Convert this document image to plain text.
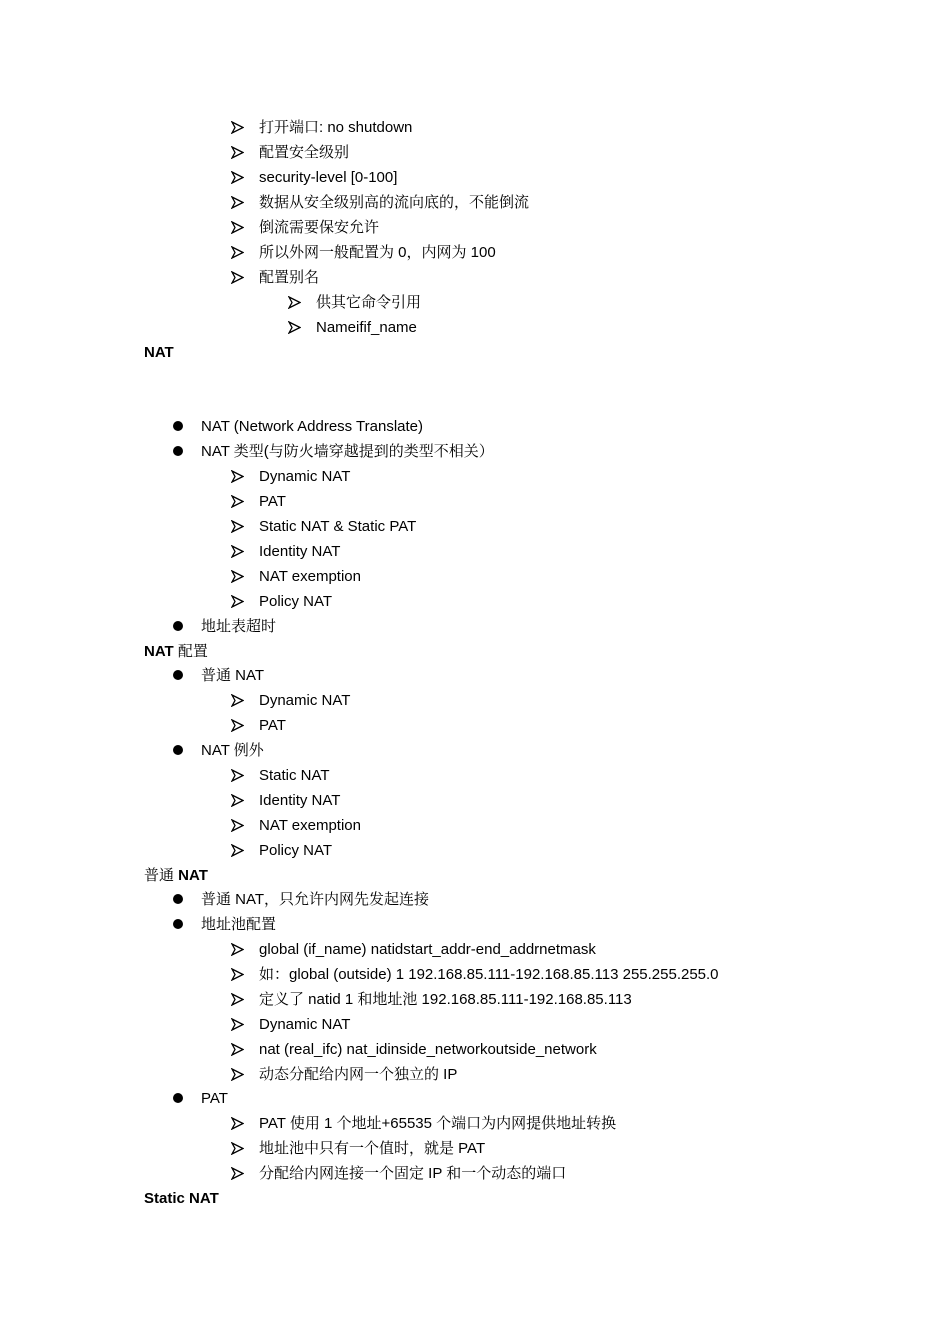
打开端口: no shutdown
配置安全级别
security-level [0-100]
数据从安全级别高的流向底的，不能倒流
倒流需要保安允许
所以外网一般配置为 0，内网为 100
配置别名
供其它命令引用
Nameifif_name
NAT
NAT (Network Address Translate)
NAT 类型(与防火墙穿越提到的类型不相关）
Dynamic NAT
PAT
Static NAT & Static PAT
Identity NAT
NAT exemption
Policy NAT
地址表超时
NAT 配置
普通 NAT
Dynamic NAT
PAT
NAT 例外
Static NAT
Identity NAT
NAT exemption
Policy NAT
普通 NAT
普通 NAT，只允许内网先发起连接
地址池配置
global (if_name) natidstart_addr-end_addrnetmask
如：global (outside) 1 192.168.85.111-192.168.85.113 255.255.255.0
定义了 natid 1 和地址池 192.168.85.111-192.168.85.113
Dynamic NAT
nat (real_ifc) nat_idinside_networkoutside_network
动态分配给内网一个独立的 IP
PAT
PAT 使用 1 个地址+65535 个端口为内网提供地址转换
地址池中只有一个值时，就是 PAT
分配给内网连接一个固定 IP 和一个动态的端口
Static NAT
